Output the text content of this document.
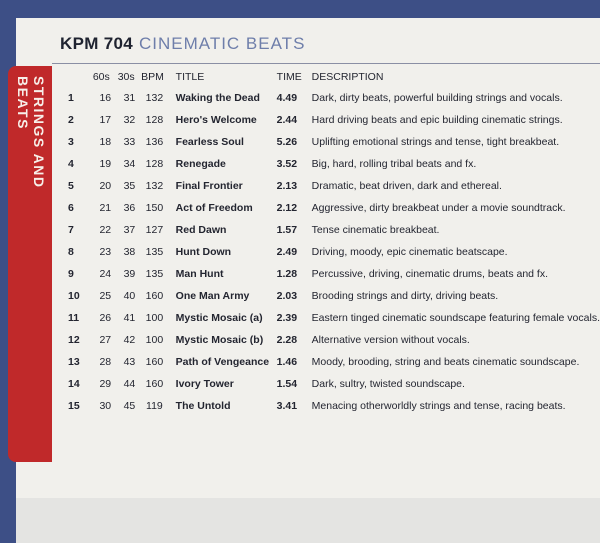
STRINGS AND BEATS
KPM 704 CINEMATIC BEATS
	60s	30s	BPM	TITLE	TIME	DESCRIPTION
1	16	31	132	Waking the Dead	4.49	Dark, dirty beats, powerful building strings and vocals.
2	17	32	128	Hero's Welcome	2.44	Hard driving beats and epic building cinematic strings.
3	18	33	136	Fearless Soul	5.26	Uplifting emotional strings and tense, tight breakbeat.
4	19	34	128	Renegade	3.52	Big, hard, rolling tribal beats and fx.
5	20	35	132	Final Frontier	2.13	Dramatic, beat driven, dark and ethereal.
6	21	36	150	Act of Freedom	2.12	Aggressive, dirty breakbeat under a movie soundtrack.
7	22	37	127	Red Dawn	1.57	Tense cinematic breakbeat.
8	23	38	135	Hunt Down	2.49	Driving, moody, epic cinematic beatscape.
9	24	39	135	Man Hunt	1.28	Percussive, driving, cinematic drums, beats and fx.
10	25	40	160	One Man Army	2.03	Brooding strings and dirty, driving beats.
11	26	41	100	Mystic Mosaic (a)	2.39	Eastern tinged cinematic soundscape featuring female vocals.
12	27	42	100	Mystic Mosaic (b)	2.28	Alternative version without vocals.
13	28	43	160	Path of Vengeance	1.46	Moody, brooding, string and beats cinematic soundscape.
14	29	44	160	Ivory Tower	1.54	Dark, sultry, twisted soundscape.
15	30	45	119	The Untold	3.41	Menacing otherworldly strings and tense, racing beats.
